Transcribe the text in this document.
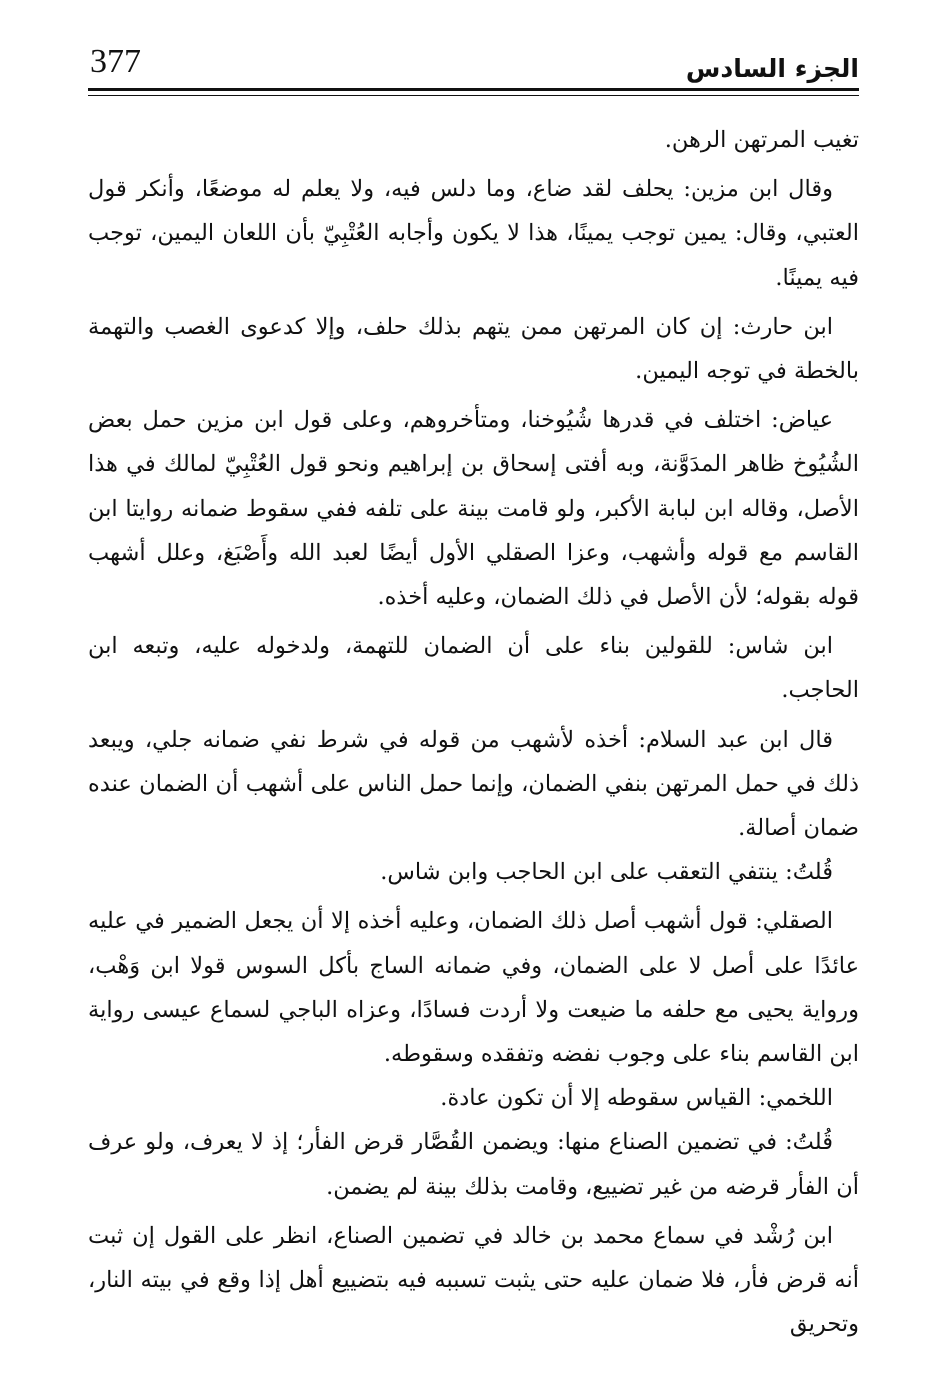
377	الجزء السادس

تغيب المرتهن الرهن.

وقال ابن مزين: يحلف لقد ضاع، وما دلس فيه، ولا يعلم له موضعًا، وأنكر قول العتبي، وقال: يمين توجب يمينًا، هذا لا يكون وأجابه العُتْبِيّ بأن اللعان اليمين، توجب فيه يمينًا.

ابن حارث: إن كان المرتهن ممن يتهم بذلك حلف، وإلا كدعوى الغصب والتهمة بالخطة في توجه اليمين.

عياض: اختلف في قدرها شُيُوخنا، ومتأخروهم، وعلى قول ابن مزين حمل بعض الشُيُوخ ظاهر المدَوَّنة، وبه أفتى إسحاق بن إبراهيم ونحو قول العُتْبِيّ لمالك في هذا الأصل، وقاله ابن لبابة الأكبر، ولو قامت بينة على تلفه ففي سقوط ضمانه روايتا ابن القاسم مع قوله وأشهب، وعزا الصقلي الأول أيضًا لعبد الله وأَصْبَغ، وعلل أشهب قوله بقوله؛ لأن الأصل في ذلك الضمان، وعليه أخذه.

ابن شاس: للقولين بناء على أن الضمان للتهمة، ولدخوله عليه، وتبعه ابن الحاجب.

قال ابن عبد السلام: أخذه لأشهب من قوله في شرط نفي ضمانه جلي، ويبعد ذلك في حمل المرتهن بنفي الضمان، وإنما حمل الناس على أشهب أن الضمان عنده ضمان أصالة.

قُلتُ: ينتفي التعقب على ابن الحاجب وابن شاس.

الصقلي: قول أشهب أصل ذلك الضمان، وعليه أخذه إلا أن يجعل الضمير في عليه عائدًا على أصل لا على الضمان، وفي ضمانه الساج بأكل السوس قولا ابن وَهْب، ورواية يحيى مع حلفه ما ضيعت ولا أردت فسادًا، وعزاه الباجي لسماع عيسى رواية ابن القاسم بناء على وجوب نفضه وتفقده وسقوطه.

اللخمي: القياس سقوطه إلا أن تكون عادة.

قُلتُ: في تضمين الصناع منها: ويضمن القُصَّار قرض الفأر؛ إذ لا يعرف، ولو عرف أن الفأر قرضه من غير تضييع، وقامت بذلك بينة لم يضمن.

ابن رُشْد في سماع محمد بن خالد في تضمين الصناع، انظر على القول إن ثبت أنه قرض فأر، فلا ضمان عليه حتى يثبت تسببه فيه بتضييع أهل إذا وقع في بيته النار، وتحريق
